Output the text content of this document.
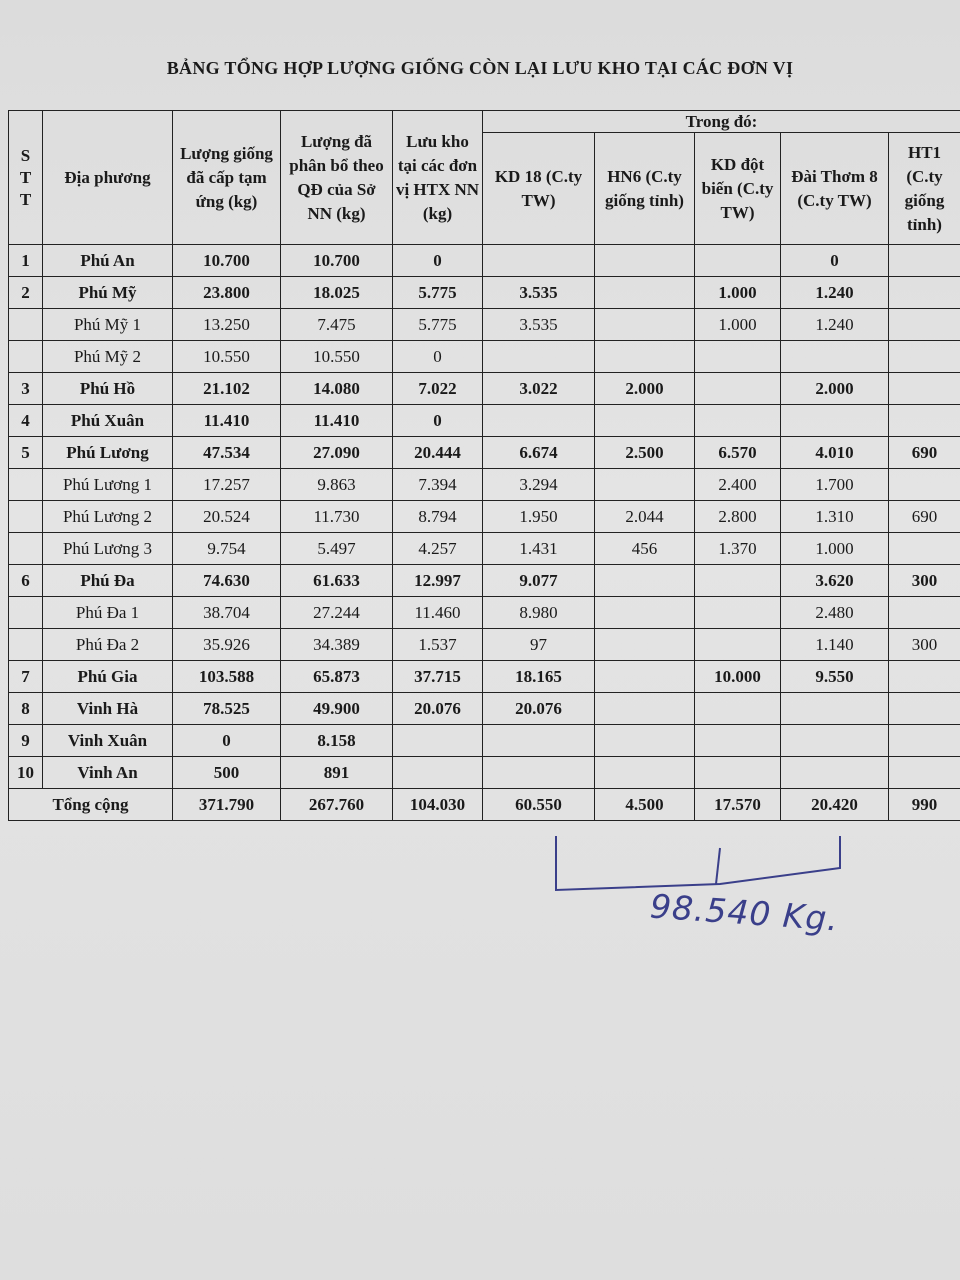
BẢNG TỔNG HỢP LƯỢNG GIỐNG CÒN LẠI LƯU KHO TẠI CÁC ĐƠN VỊ
S
T
T	Địa phương	Lượng giống đã cấp tạm ứng (kg)	Lượng đã phân bổ theo QĐ của Sở NN (kg)	Lưu kho tại các đơn vị HTX NN (kg)	Trong đó:				
					KD 18 (C.ty TW)	HN6 (C.ty giống tỉnh)	KD đột biến (C.ty TW)	Đài Thơm 8 (C.ty TW)	HT1 (C.ty giống tỉnh)
1	Phú An	10.700	10.700	0				0	
2	Phú Mỹ	23.800	18.025	5.775	3.535		1.000	1.240	
	Phú Mỹ 1	13.250	7.475	5.775	3.535		1.000	1.240	
	Phú Mỹ 2	10.550	10.550	0					
3	Phú Hồ	21.102	14.080	7.022	3.022	2.000		2.000	
4	Phú Xuân	11.410	11.410	0					
5	Phú Lương	47.534	27.090	20.444	6.674	2.500	6.570	4.010	690
	Phú Lương 1	17.257	9.863	7.394	3.294		2.400	1.700	
	Phú Lương 2	20.524	11.730	8.794	1.950	2.044	2.800	1.310	690
	Phú Lương 3	9.754	5.497	4.257	1.431	456	1.370	1.000	
6	Phú Đa	74.630	61.633	12.997	9.077			3.620	300
	Phú Đa 1	38.704	27.244	11.460	8.980			2.480	
	Phú Đa 2	35.926	34.389	1.537	97			1.140	300
7	Phú Gia	103.588	65.873	37.715	18.165		10.000	9.550	
8	Vinh Hà	78.525	49.900	20.076	20.076				
9	Vinh Xuân	0	8.158						
10	Vinh An	500	891						
Tổng cộng		371.790	267.760	104.030	60.550	4.500	17.570	20.420	990
98.540 Kg.
